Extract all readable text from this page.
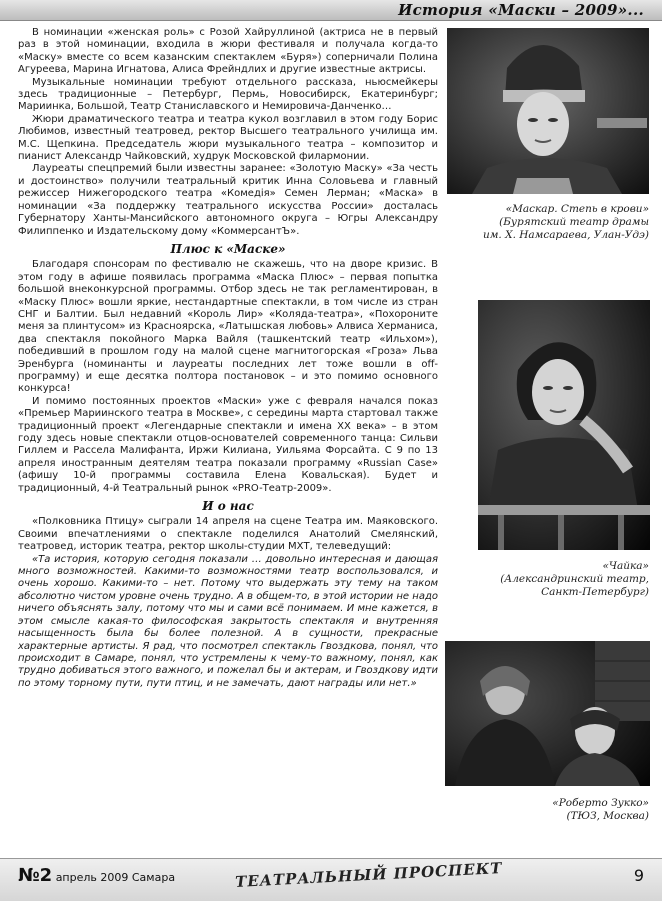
История «Маски – 2009»...

В номинации «женская роль» с Розой Хайруллиной (актриса не в первый раз в этой номинации, входила в жюри фестиваля и получала когда-то «Маску» вместе со всем казанским спектаклем «Буря») соперничали Полина Агуреева, Марина Игнатова, Алиса Фрейндлих и другие известные актрисы.

Музыкальные номинации требуют отдельного рассказа, ньюсмейкеры здесь традиционные – Петербург, Пермь, Новосибирск, Екатеринбург; Мариинка, Большой, Театр Станиславского и Немировича-Данченко…

Жюри драматического театра и театра кукол возглавил в этом году Борис Любимов, известный театровед, ректор Высшего театрального училища им. М.С. Щепкина. Председатель жюри музыкального театра – композитор и пианист Александр Чайковский, худрук Московской филармонии.

Лауреаты спецпремий были известны заранее: «Золотую Маску» «За честь и достоинство» получили театральный критик Инна Соловьева и главный режиссер Нижегородского театра «Комедія» Семен Лерман; «Маска» в номинации «За поддержку театрального искусства России» досталась Губернатору Ханты-Мансийского автономного округа – Югры Александру Филиппенко и Издательскому дому «КоммерсантЪ».

Плюс к «Маске»

Благодаря спонсорам по фестивалю не скажешь, что на дворе кризис. В этом году в афише появилась программа «Маска Плюс» – первая попытка большой внеконкурсной программы. Отбор здесь не так регламентирован, в «Маску Плюс» вошли яркие, нестандартные спектакли, в том числе из стран СНГ и Балтии. Был недавний «Король Лир» «Коляда-театра», «Похороните меня за плинтусом» из Красноярска, «Латышская любовь» Алвиса Херманиса, два спектакля покойного Марка Вайля (ташкентский театр «Ильхом»), победивший в прошлом году на малой сцене магнитогорская «Гроза» Льва Эренбурга (номинанты и лауреаты последних лет тоже вошли в off-программу) и еще десятка полтора постановок – и это помимо основного конкурса!

И помимо постоянных проектов «Маски» уже с февраля начался показ «Премьер Мариинского театра в Москве», с середины марта стартовал также традиционный проект «Легендарные спектакли и имена ХХ века» – в этом году здесь новые спектакли отцов-основателей современного танца: Сильви Гиллем и Рассела Малифанта, Иржи Килиана, Уильяма Форсайта. С 9 по 13 апреля иностранным деятелям театра показали программу «Russian Case» (афишу 10-й программы составила Елена Ковальская). Будет и традиционный, 4-й Театральный рынок «PRO-Театр-2009».

И о нас

«Полковника Птицу» сыграли 14 апреля на сцене Театра им. Маяковского. Своими впечатлениями о спектакле поделился Анатолий Смелянский, театровед, историк театра, ректор школы-студии МХТ, телеведущий:

«Та история, которую сегодня показали … довольно интересная и дающая много возможностей. Какими-то возможностями театр воспользовался, и очень хорошо. Какими-то – нет. Потому что выдержать эту тему на таком абсолютно чистом уровне очень трудно. А в общем-то, в этой истории не надо ничего объяснять залу, потому что мы и сами всё понимаем. И мне кажется, в этом смысле какая-то философская закрытость спектакля и внутренняя насыщенность была бы более полезной. А в сущности, прекрасные характерные артисты. Я рад, что посмотрел спектакль Гвоздкова, понял, что происходит в Самаре, понял, что устремлены к чему-то важному, понял, как трудно добиваться этого важного, и пожелал бы и актерам, и Гвоздкову идти по этому торному пути, пути птиц, и не замечать, дают награды или нет.»

«Маскар. Степь в крови»
(Бурятский театр драмы
им. Х. Намсараева, Улан-Удэ)
«Чайка»
(Александринский театр,
Санкт-Петербург)
«Роберто Зукко»
(ТЮЗ, Москва)
№2 апрель 2009 Самара	ТЕАТРАЛЬНЫЙ ПРОСПЕКТ	9
